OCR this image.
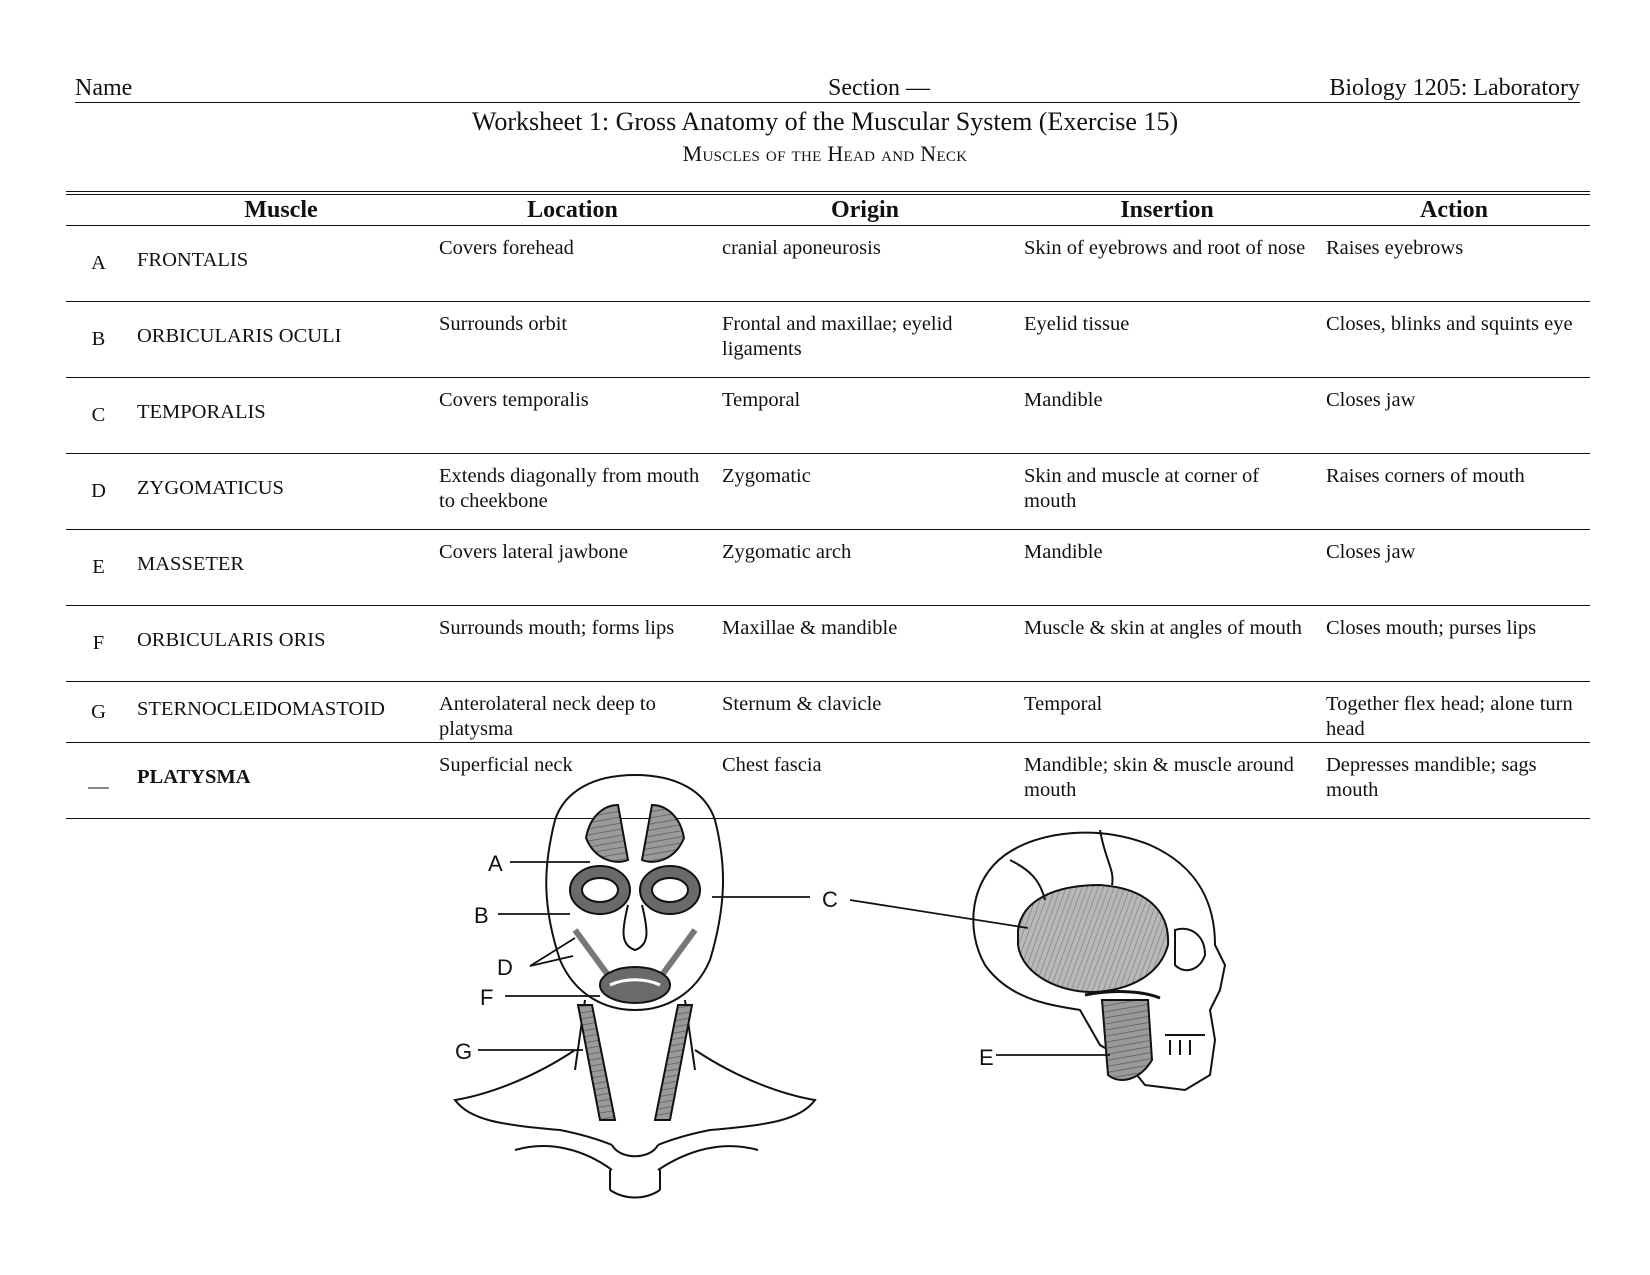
Name	Section —	Biology 1205: Laboratory
Worksheet 1: Gross Anatomy of the Muscular System (Exercise 15)
Muscles of the Head and Neck
	Muscle	Location	Origin	Insertion	Action
A	FRONTALIS	Covers forehead	cranial aponeurosis	Skin of eyebrows and root of nose	Raises eyebrows
B	ORBICULARIS OCULI	Surrounds orbit	Frontal and maxillae; eyelid ligaments	Eyelid tissue	Closes, blinks and squints eye
C	TEMPORALIS	Covers temporalis	Temporal	Mandible	Closes jaw
D	ZYGOMATICUS	Extends diagonally from mouth to cheekbone	Zygomatic	Skin and muscle at corner of mouth	Raises corners of mouth
E	MASSETER	Covers lateral jawbone	Zygomatic arch	Mandible	Closes jaw
F	ORBICULARIS ORIS	Surrounds mouth; forms lips	Maxillae & mandible	Muscle & skin at angles of mouth	Closes mouth; purses lips
G	STERNOCLEIDOMASTOID	Anterolateral neck deep to platysma	Sternum & clavicle	Temporal	Together flex head; alone turn head
__	PLATYSMA	Superficial neck	Chest fascia	Mandible; skin & muscle around mouth	Depresses mandible; sags mouth
A
B
C
D
E
F
G
